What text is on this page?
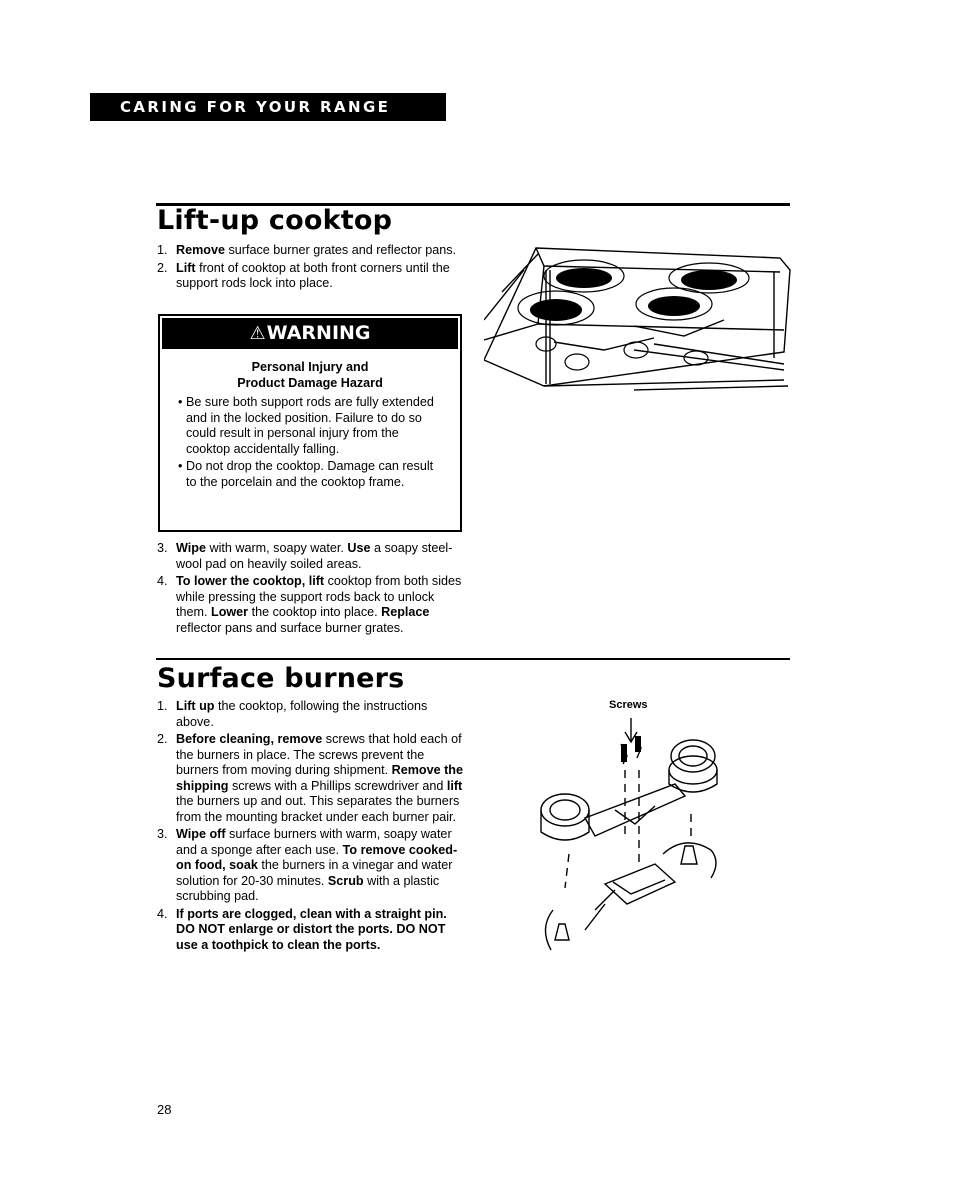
CARING FOR YOUR RANGE
Lift-up cooktop
1. Remove surface burner grates and reflector pans.
2. Lift front of cooktop at both front corners until the support rods lock into place.
⚠WARNING
Personal Injury and
Product Damage Hazard
• Be sure both support rods are fully extended and in the locked position. Failure to do so could result in personal injury from the cooktop accidentally falling.
• Do not drop the cooktop. Damage can result to the porcelain and the cooktop frame.
3. Wipe with warm, soapy water. Use a soapy steel-wool pad on heavily soiled areas.
4. To lower the cooktop, lift cooktop from both sides while pressing the support rods back to unlock them. Lower the cooktop into place. Replace reflector pans and surface burner grates.
Surface burners
1. Lift up the cooktop, following the instructions above.
2. Before cleaning, remove screws that hold each of the burners in place. The screws prevent the burners from moving during shipment. Remove the shipping screws with a Phillips screwdriver and lift the burners up and out. This separates the burners from the mounting bracket under each burner pair.
3. Wipe off surface burners with warm, soapy water and a sponge after each use. To remove cooked-on food, soak the burners in a vinegar and water solution for 20-30 minutes. Scrub with a plastic scrubbing pad.
4. If ports are clogged, clean with a straight pin. DO NOT enlarge or distort the ports. DO NOT use a toothpick to clean the ports.
Screws
28
